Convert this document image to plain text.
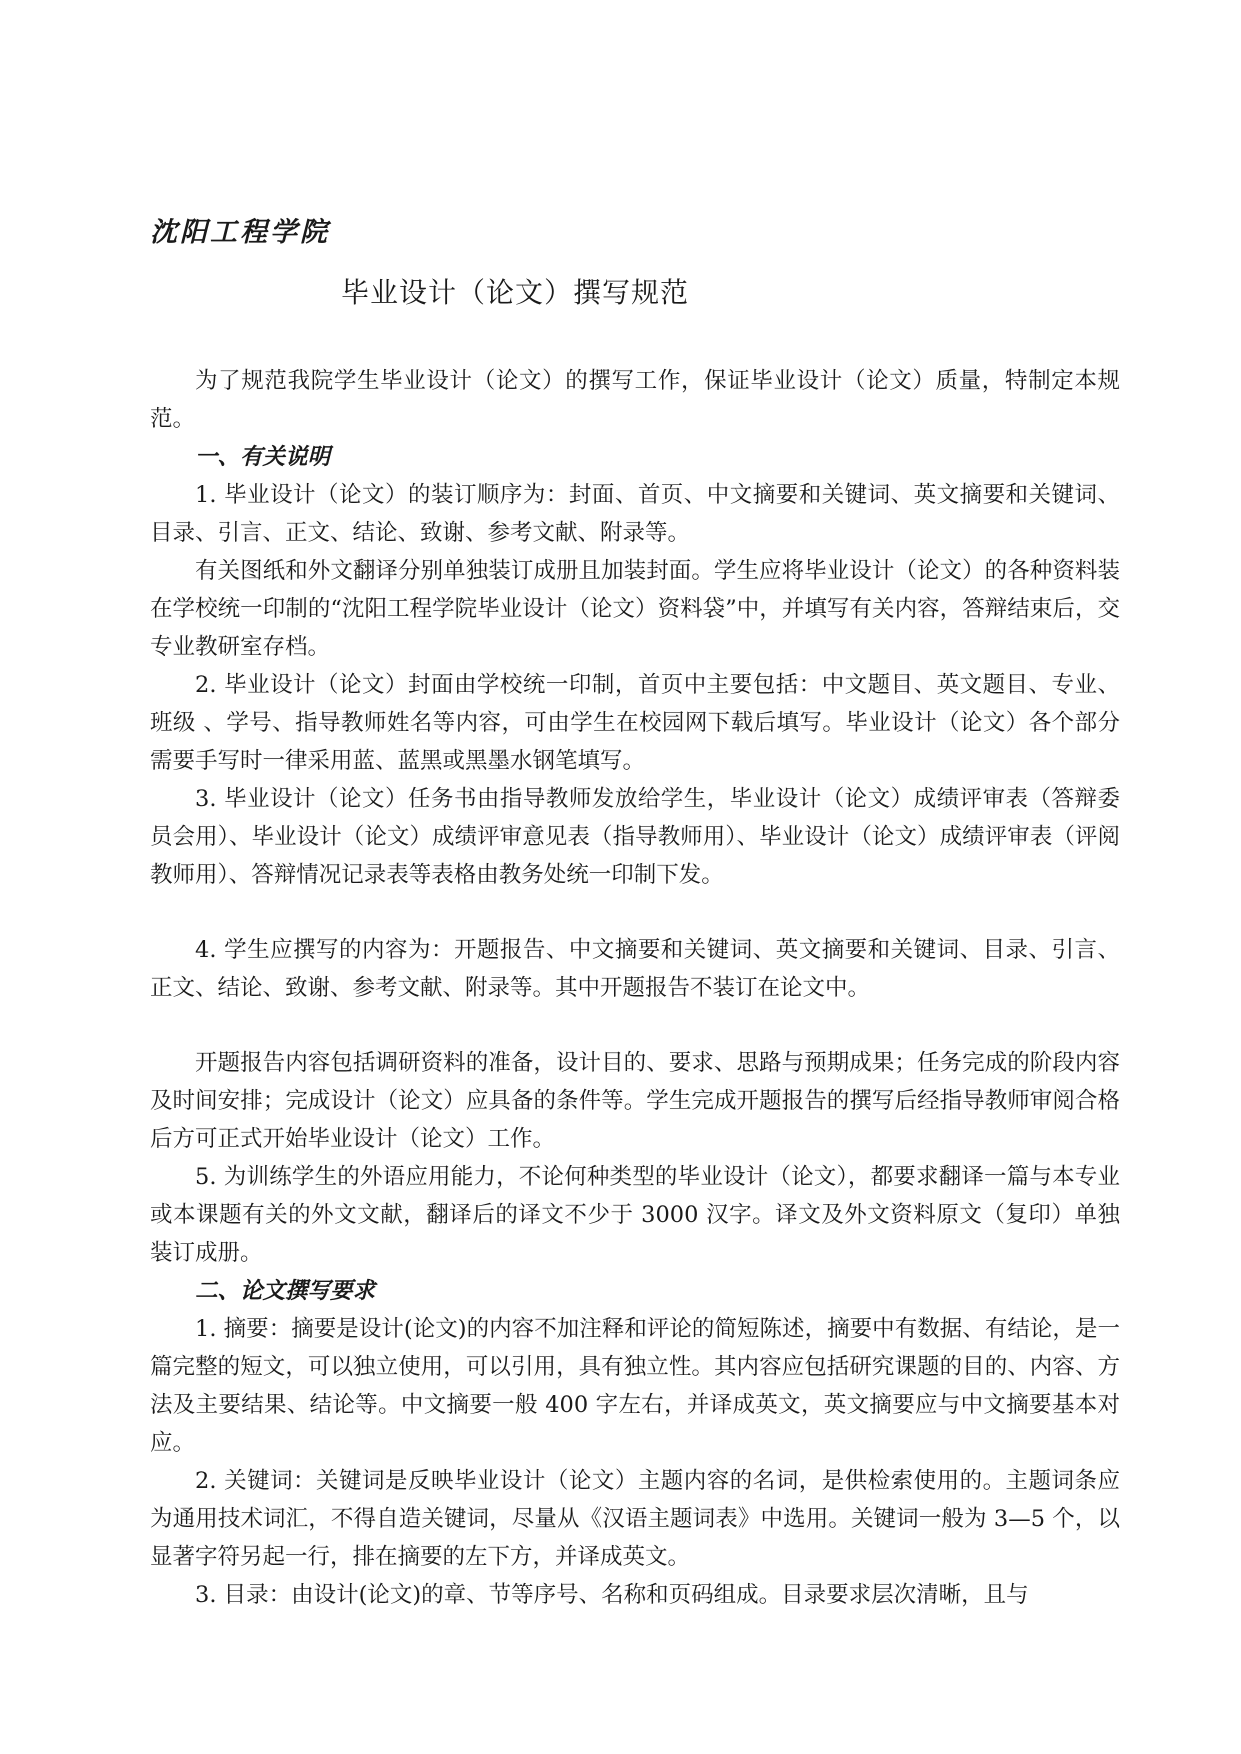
沈阳工程学院
毕业设计（论文）撰写规范

为了规范我院学生毕业设计（论文）的撰写工作，保证毕业设计（论文）质量，特制定本规范。

一、有关说明

1. 毕业设计（论文）的装订顺序为：封面、首页、中文摘要和关键词、英文摘要和关键词、目录、引言、正文、结论、致谢、参考文献、附录等。

有关图纸和外文翻译分别单独装订成册且加装封面。学生应将毕业设计（论文）的各种资料装在学校统一印制的“沈阳工程学院毕业设计（论文）资料袋”中，并填写有关内容，答辩结束后，交专业教研室存档。

2. 毕业设计（论文）封面由学校统一印制，首页中主要包括：中文题目、英文题目、专业、班级 、学号、指导教师姓名等内容，可由学生在校园网下载后填写。毕业设计（论文）各个部分需要手写时一律采用蓝、蓝黑或黑墨水钢笔填写。

3. 毕业设计（论文）任务书由指导教师发放给学生，毕业设计（论文）成绩评审表（答辩委员会用）、毕业设计（论文）成绩评审意见表（指导教师用）、毕业设计（论文）成绩评审表（评阅教师用）、答辩情况记录表等表格由教务处统一印制下发。

4. 学生应撰写的内容为：开题报告、中文摘要和关键词、英文摘要和关键词、目录、引言、正文、结论、致谢、参考文献、附录等。其中开题报告不装订在论文中。

开题报告内容包括调研资料的准备，设计目的、要求、思路与预期成果；任务完成的阶段内容及时间安排；完成设计（论文）应具备的条件等。学生完成开题报告的撰写后经指导教师审阅合格后方可正式开始毕业设计（论文）工作。

5. 为训练学生的外语应用能力，不论何种类型的毕业设计（论文），都要求翻译一篇与本专业或本课题有关的外文文献，翻译后的译文不少于 3000 汉字。译文及外文资料原文（复印）单独装订成册。

二、论文撰写要求

1. 摘要：摘要是设计(论文)的内容不加注释和评论的简短陈述，摘要中有数据、有结论，是一篇完整的短文，可以独立使用，可以引用，具有独立性。其内容应包括研究课题的目的、内容、方法及主要结果、结论等。中文摘要一般 400 字左右，并译成英文，英文摘要应与中文摘要基本对应。

2. 关键词：关键词是反映毕业设计（论文）主题内容的名词，是供检索使用的。主题词条应为通用技术词汇，不得自造关键词，尽量从《汉语主题词表》中选用。关键词一般为 3—5 个，以显著字符另起一行，排在摘要的左下方，并译成英文。

3. 目录：由设计(论文)的章、节等序号、名称和页码组成。目录要求层次清晰，且与
